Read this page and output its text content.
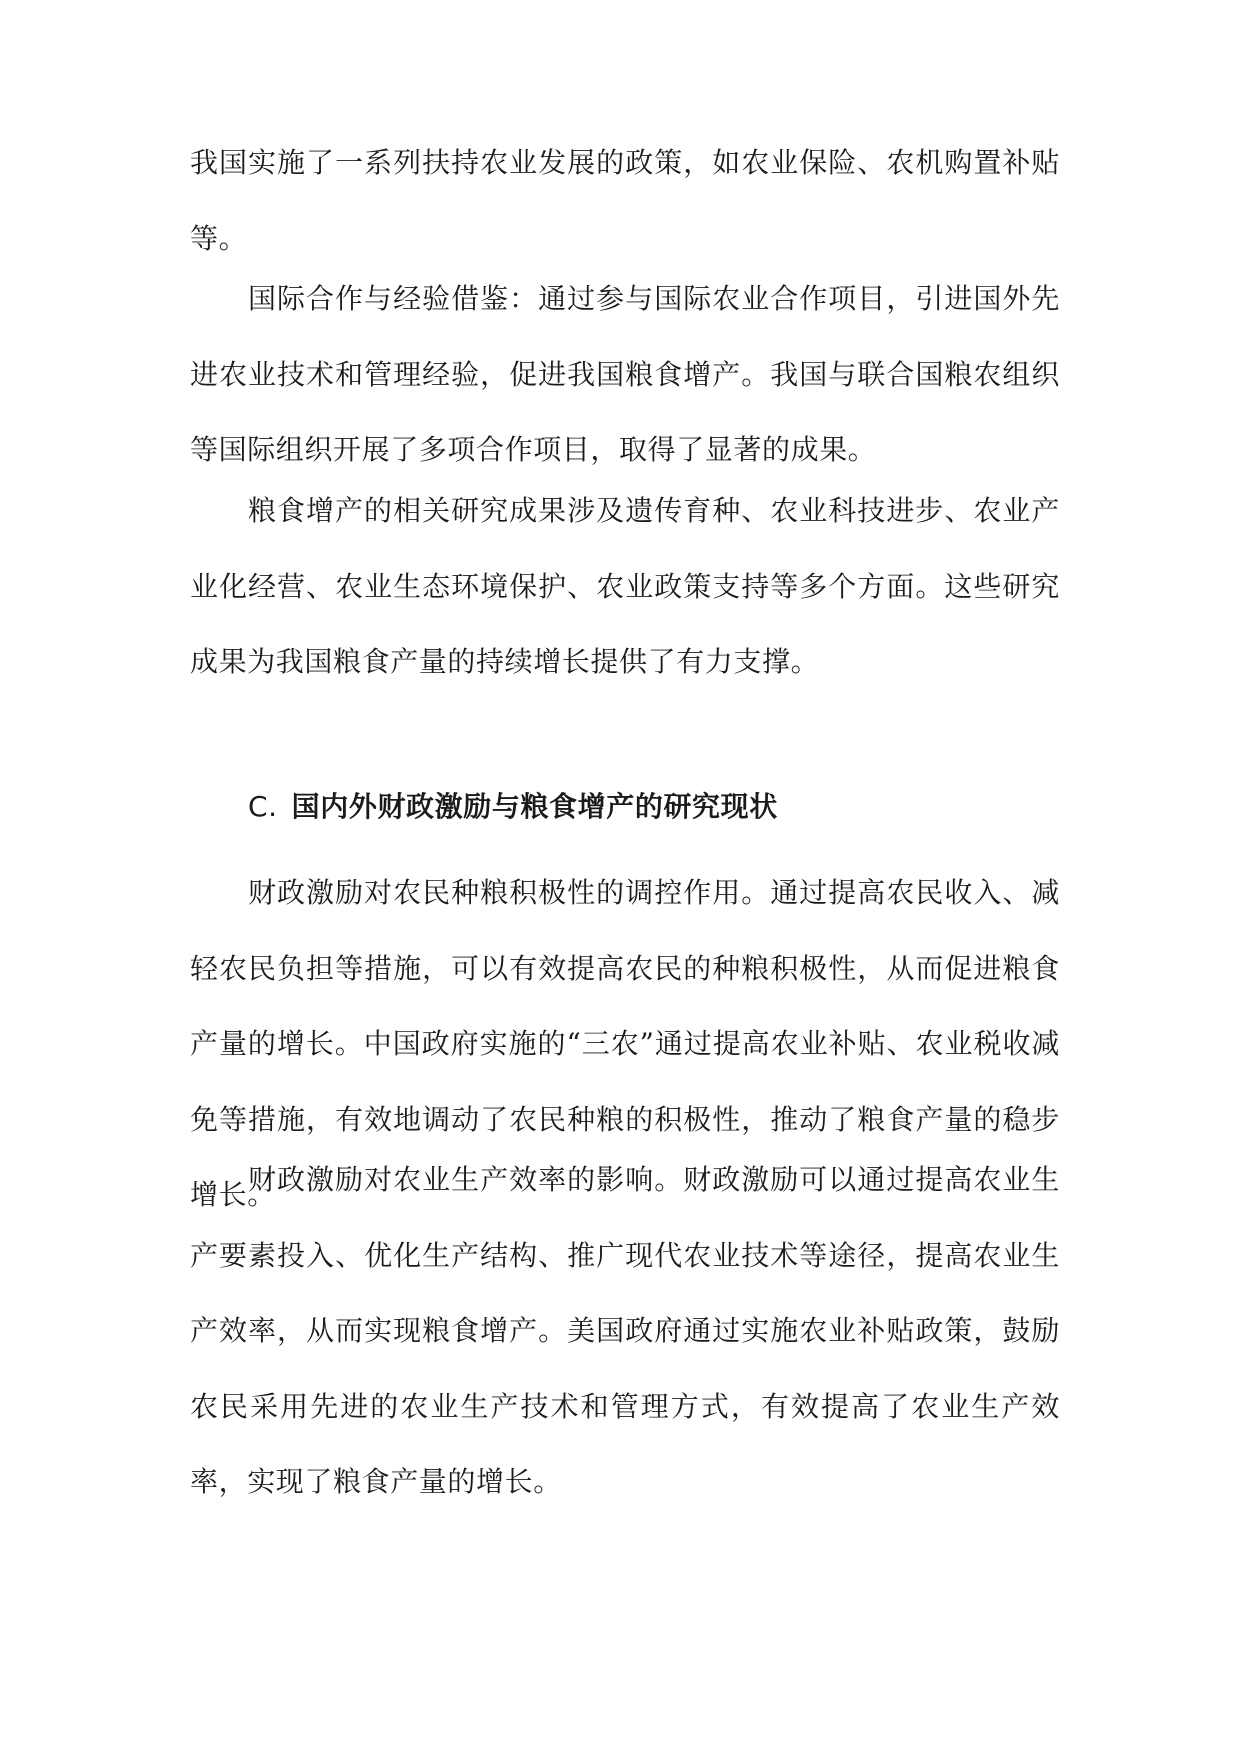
我国实施了一系列扶持农业发展的政策，如农业保险、农机购置补贴等。

国际合作与经验借鉴：通过参与国际农业合作项目，引进国外先进农业技术和管理经验，促进我国粮食增产。我国与联合国粮农组织等国际组织开展了多项合作项目，取得了显著的成果。

粮食增产的相关研究成果涉及遗传育种、农业科技进步、农业产业化经营、农业生态环境保护、农业政策支持等多个方面。这些研究成果为我国粮食产量的持续增长提供了有力支撑。

C. 国内外财政激励与粮食增产的研究现状

财政激励对农民种粮积极性的调控作用。通过提高农民收入、减轻农民负担等措施，可以有效提高农民的种粮积极性，从而促进粮食产量的增长。中国政府实施的“三农”通过提高农业补贴、农业税收减免等措施，有效地调动了农民种粮的积极性，推动了粮食产量的稳步增长。

财政激励对农业生产效率的影响。财政激励可以通过提高农业生产要素投入、优化生产结构、推广现代农业技术等途径，提高农业生产效率，从而实现粮食增产。美国政府通过实施农业补贴政策，鼓励农民采用先进的农业生产技术和管理方式，有效提高了农业生产效率，实现了粮食产量的增长。
